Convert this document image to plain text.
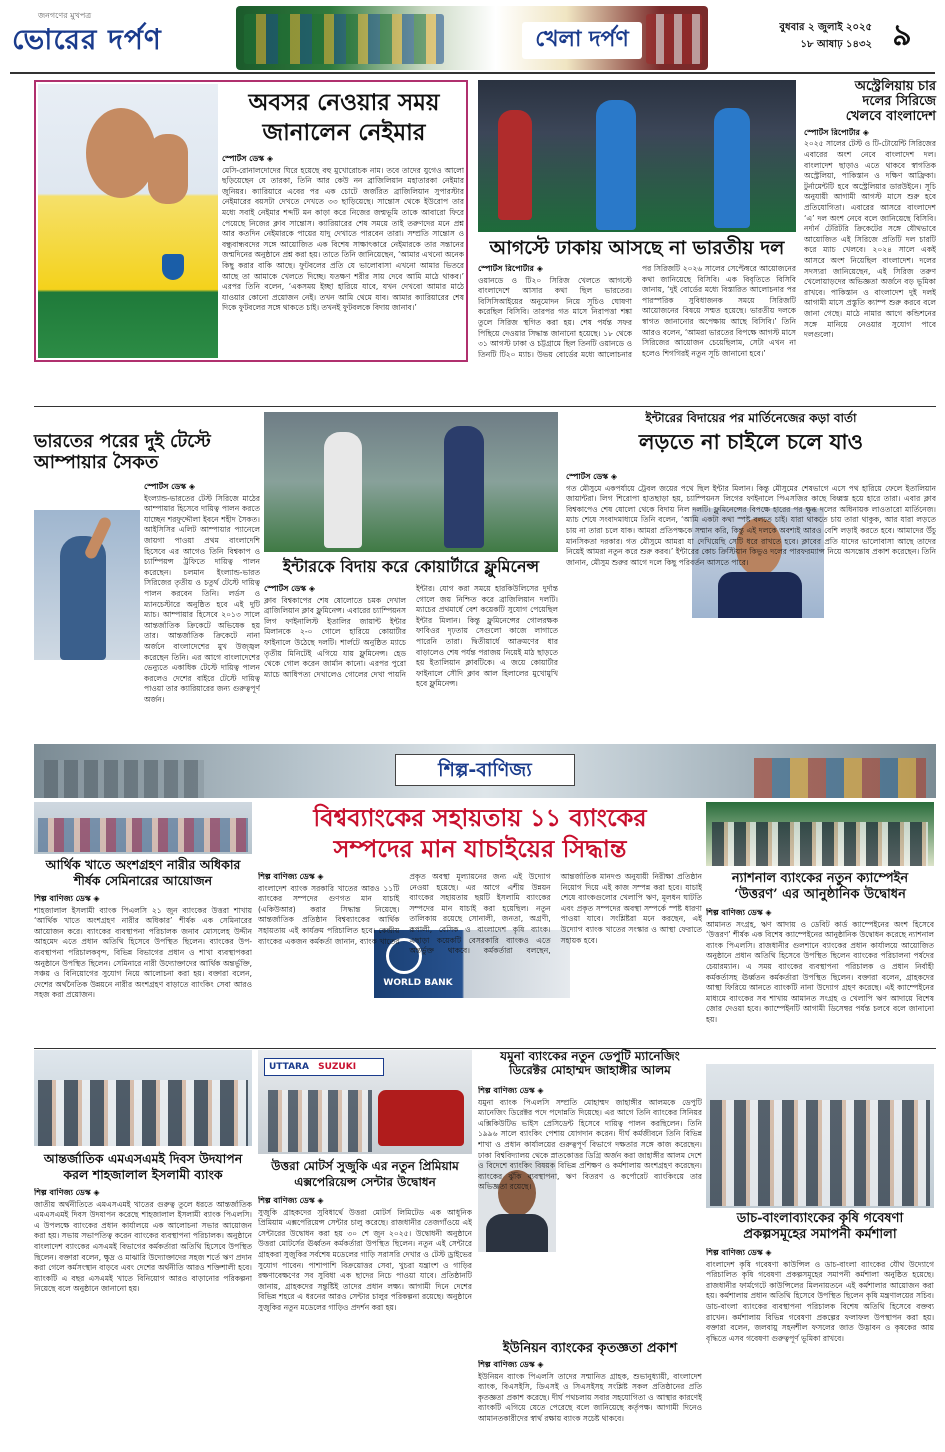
জনগণের মুখপত্র
ভোরের দর্পণ	খেলা দর্পণ	বুধবার ২ জুলাই ২০২৫
১৮ আষাঢ় ১৪৩২ ৯
অবসর নেওয়ার সময়
জানালেন নেইমার
স্পোর্টস ডেস্ক ◈
মেসি-রোনালদোদের ঘিরে হয়েছে বহু মুখোরোচক নাম। তবে তাদের যুগেও আলো ছড়িয়েছেন যে তারকা, তিনি আর কেউ নন ব্রাজিলিয়ান মহাতারকা নেইমার জুনিয়র। ক্যারিয়ারে এবের পর এক চোটে জর্জরিত ব্রাজিলিয়ান সুপারস্টার নেইমারের বয়সটা দেখতে দেখতে ৩৩ ছাড়িয়েছে। সান্তোস থেকে ইউরোপ তার মধ্যে সবাই নেইমার শব্দটি মন কাড়া করে নিজের জন্মভূমি তাকে আবারো ফিরে পেয়েছে নিজের ক্লাব সান্তোস। ক্যারিয়ারের শেষ সময়ে তাই তরুণদের মনে প্রশ্ন আর কতদিন নেইমারকে পায়ের যাদু দেখাতে পারবেন তারা। সম্প্রতি সান্তোস ও বন্ধুবান্ধবদের সঙ্গে আয়োজিত এক বিশেষ সাক্ষাৎকারে নেইমারকে তার সন্তানের জন্মদিনের অনুষ্ঠানে প্রশ্ন করা হয়। তাতে তিনি জানিয়েছেন, ‘আমার এখনো অনেক কিছু করার বাকি আছে। ফুটবলের প্রতি যে ভালোবাসা এখনো আমার ভিতরে আছে তা আমাকে খেলতে দিচ্ছে। যতক্ষণ শরীর সায় দেবে আমি মাঠে থাকব।’ এরপর তিনি বলেন, ‘একসময় ইচ্ছা হারিয়ে যাবে, যখন দেখবো আমার মাঠে যাওয়ার কোনো প্রয়োজন নেই। তখন আমি থেমে যাব। আমার ক্যারিয়ারের শেষ দিকে ফুটবলের সঙ্গে থাকতে চাই। তখনই ফুটবলকে বিদায় জানাব।’
আগস্টে ঢাকায় আসছে না ভারতীয় দল
স্পোর্টস রিপোর্টার ◈
ওয়ানডে ও টি২০ সিরিজ খেলতে আগস্টে বাংলাদেশে আসার কথা ছিল ভারতের। বিসিসিআইয়ের অনুমোদন নিয়ে সূচিও ঘোষণা করেছিল বিসিবি। তারপর গত মাসে নিরাপত্তা শঙ্কা তুলে সিরিজ স্থগিত করা হয়। শেষ পর্যন্ত সফর পিছিয়ে দেওয়ার সিদ্ধান্ত জানানো হয়েছে। ১৮ থেকে ৩১ আগস্ট ঢাকা ও চট্টগ্রামে ছিল তিনটি ওয়ানডে ও তিনটি টি২০ ম্যাচ। উভয় বোর্ডের মধ্যে আলোচনার পর সিরিজটি ২০২৬ সালের সেপ্টেম্বরে আয়োজনের কথা জানিয়েছে বিসিবি। এক বিবৃতিতে বিসিবি জানায়, ‘দুই বোর্ডের মধ্যে বিস্তারিত আলোচনার পর পারস্পরিক সুবিধাজনক সময়ে সিরিজটি আয়োজনের বিষয়ে সম্মত হয়েছে। ভারতীয় দলকে স্বাগত জানানোর অপেক্ষায় আছে বিসিবি।’ তিনি আরও বলেন, ‘আমরা ভারতের বিপক্ষে আগস্ট মাসে সিরিজের আয়োজন চেয়েছিলাম, সেটা এখন না হলেও শিগগিরই নতুন সূচি জানানো হবে।’
অস্ট্রেলিয়ায় চার
দলের সিরিজে
খেলবে বাংলাদেশ
স্পোর্টস রিপোর্টার ◈
২০২৫ সালের টেস্ট ও টি-টোয়েন্টি সিরিজের এবারের অংশ নেবে বাংলাদেশ দল। বাংলাদেশ ছাড়াও এতে থাকবে স্বাগতিক অস্ট্রেলিয়া, পাকিস্তান ও দক্ষিণ আফ্রিকা। টুর্নামেন্টটি হবে অস্ট্রেলিয়ার ডারউইনে। সূচি অনুযায়ী আগামী আগস্ট মাসে শুরু হবে প্রতিযোগিতা। এবারের আসরে বাংলাদেশ ‘এ’ দল অংশ নেবে বলে জানিয়েছে বিসিবি। নর্দার্ন টেরিটরি ক্রিকেটের সঙ্গে যৌথভাবে আয়োজিত এই সিরিজে প্রতিটি দল চারটি করে ম্যাচ খেলবে। ২০২৪ সালে একই আসরে অংশ নিয়েছিল বাংলাদেশ। দলের সদস্যরা জানিয়েছেন, এই সিরিজ তরুণ খেলোয়াড়দের অভিজ্ঞতা অর্জনে বড় ভূমিকা রাখবে। পাকিস্তান ও বাংলাদেশ দুই দলই আগামী মাসে প্রস্তুতি ক্যাম্প শুরু করবে বলে জানা গেছে। মাঠে নামার আগে কন্ডিশনের সঙ্গে মানিয়ে নেওয়ার সুযোগ পাবে দলগুলো।
ভারতের পরের দুই টেস্টে
আম্পায়ার সৈকত
স্পোর্টস ডেস্ক ◈
ইংল্যান্ড-ভারতের টেস্ট সিরিজে মাঠের আম্পায়ার হিসেবে দায়িত্ব পালন করতে যাচ্ছেন শরফুদ্দৌলা ইবনে শহীদ সৈকত। আইসিসির এলিট আম্পায়ার প্যানেলে জায়গা পাওয়া প্রথম বাংলাদেশি হিসেবে এর আগেও তিনি বিশ্বকাপ ও চ্যাম্পিয়ন্স ট্রফিতে দায়িত্ব পালন করেছেন। চলমান ইংল্যান্ড-ভারত সিরিজের তৃতীয় ও চতুর্থ টেস্টে দায়িত্ব পালন করবেন তিনি। লর্ডস ও ম্যানচেস্টারে অনুষ্ঠিত হবে এই দুটি ম্যাচ। আম্পায়ার হিসেবে ২০১৩ সালে আন্তর্জাতিক ক্রিকেটে অভিষেক হয় তার। আন্তর্জাতিক ক্রিকেটে নানা অর্জনে বাংলাদেশের মুখ উজ্জ্বল করেছেন তিনি। এর আগে বাংলাদেশের ভেন্যুতে একাধিক টেস্টে দায়িত্ব পালন করলেও দেশের বাইরে টেস্টে দায়িত্ব পাওয়া তার ক্যারিয়ারের জন্য গুরুত্বপূর্ণ অর্জন।
ইন্টারকে বিদায় করে কোয়ার্টারে ফ্লুমিনেন্স
স্পোর্টস ডেস্ক ◈
ক্লাব বিশ্বকাপের শেষ ষোলোতে চমক দেখাল ব্রাজিলিয়ান ক্লাব ফ্লুমিনেন্স। এবারের চ্যাম্পিয়নস লিগ ফাইনালিস্ট ইতালির জায়ান্ট ইন্টার মিলানকে ২-০ গোলে হারিয়ে কোয়ার্টার ফাইনালে উঠেছে দলটি। শার্লটে অনুষ্ঠিত ম্যাচে তৃতীয় মিনিটেই এগিয়ে যায় ফ্লুমিনেন্স। হেড থেকে গোল করেন জার্মান কানো। এরপর পুরো ম্যাচে আধিপত্য দেখালেও গোলের দেখা পায়নি ইন্টার। যোগ করা সময়ে হারকিউলিসের দুর্দান্ত গোলে জয় নিশ্চিত করে ব্রাজিলিয়ান দলটি। ম্যাচের প্রথমার্ধে বেশ কয়েকটি সুযোগ পেয়েছিল ইন্টার মিলান। কিন্তু ফ্লুমিনেন্সের গোলরক্ষক ফাবিওর দৃঢ়তায় সেগুলো কাজে লাগাতে পারেনি তারা। দ্বিতীয়ার্ধে আক্রমণের ধার বাড়ালেও শেষ পর্যন্ত পরাজয় নিয়েই মাঠ ছাড়তে হয় ইতালিয়ান ক্লাবটিকে। এ জয়ে কোয়ার্টার ফাইনালে সৌদি ক্লাব আল হিলালের মুখোমুখি হবে ফ্লুমিনেন্স।
ইন্টারের বিদায়ের পর মার্তিনেজের কড়া বার্তা
লড়তে না চাইলে চলে যাও
স্পোর্টস ডেস্ক ◈
গত মৌসুমে একপর্যায়ে ট্রেবল জয়ের পথে ছিল ইন্টার মিলান। কিন্তু মৌসুমের শেষভাগে এসে পথ হারিয়ে ফেলে ইতালিয়ান জায়ান্টরা। লিগ শিরোপা হাতছাড়া হয়, চ্যাম্পিয়নস লিগের ফাইনালে পিএসজির কাছে বিধ্বস্ত হয়ে হারে তারা। এবার ক্লাব বিশ্বকাপেও শেষ ষোলো থেকে বিদায় নিল দলটি। ফ্লুমিনেন্সের বিপক্ষে হারের পর ক্ষুব্ধ দলের অধিনায়ক লাওতারো মার্তিনেজ। ম্যাচ শেষে সংবাদমাধ্যমে তিনি বলেন, ‘আমি একটা কথা স্পষ্ট বলতে চাই। যারা থাকতে চায় তারা থাকুক, আর যারা লড়তে চায় না তারা চলে যাক। আমরা প্রতিপক্ষকে সম্মান করি, কিন্তু এই দলকে অবশ্যই আরও বেশি লড়াই করতে হবে। আমাদের উঁচু মানসিকতা দরকার। গত মৌসুমে আমরা যা দেখিয়েছি সেটি ধরে রাখতে হবে। ক্লাবের প্রতি যাদের ভালোবাসা আছে তাদের নিয়েই আমরা নতুন করে শুরু করব।’ ইন্টারের কোচ ক্রিস্টিয়ান কিভুও দলের পারফরম্যান্স নিয়ে অসন্তোষ প্রকাশ করেছেন। তিনি জানান, মৌসুম শুরুর আগে দলে কিছু পরিবর্তন আসতে পারে।
শিল্প-বাণিজ্য
বিশ্বব্যাংকের সহায়তায় ১১ ব্যাংকের
সম্পদের মান যাচাইয়ের সিদ্ধান্ত
WORLD BANK
শিল্প বাণিজ্য ডেস্ক ◈
বাংলাদেশ ব্যাংক সরকারি খাতের আরও ১১টি ব্যাংকের সম্পদের গুণগত মান যাচাই (একিউআর) করার সিদ্ধান্ত নিয়েছে। আন্তর্জাতিক প্রতিষ্ঠান বিশ্বব্যাংকের আর্থিক সহায়তায় এই কার্যক্রম পরিচালিত হবে। কেন্দ্রীয় ব্যাংকের একজন কর্মকর্তা জানান, ব্যাংক খাতের প্রকৃত অবস্থা মূল্যায়নের জন্য এই উদ্যোগ নেওয়া হয়েছে। এর আগে এশীয় উন্নয়ন ব্যাংকের সহায়তায় ছয়টি ইসলামি ব্যাংকের সম্পদের মান যাচাই করা হয়েছিল। নতুন তালিকায় রয়েছে সোনালী, জনতা, অগ্রণী, রূপালী, বেসিক ও বাংলাদেশ কৃষি ব্যাংক। এছাড়া কয়েকটি বেসরকারি ব্যাংকও এতে অন্তর্ভুক্ত থাকবে। কর্মকর্তারা বলছেন, আন্তর্জাতিক মানদণ্ড অনুযায়ী নিরীক্ষা প্রতিষ্ঠান নিয়োগ দিয়ে এই কাজ সম্পন্ন করা হবে। যাচাই শেষে ব্যাংকগুলোর খেলাপি ঋণ, মূলধন ঘাটতি এবং প্রকৃত সম্পদের অবস্থা সম্পর্কে স্পষ্ট ধারণা পাওয়া যাবে। সংশ্লিষ্টরা মনে করছেন, এই উদ্যোগ ব্যাংক খাতের সংস্কার ও আস্থা ফেরাতে সহায়ক হবে।
আর্থিক খাতে অংশগ্রহণ নারীর অধিকার
শীর্ষক সেমিনারের আয়োজন
শিল্প বাণিজ্য ডেস্ক ◈
শাহজালাল ইসলামী ব্যাংক পিএলসি ২১ জুন ব্যাংকের উত্তরা শাখায় ‘আর্থিক খাতে অংশগ্রহণ নারীর অধিকার’ শীর্ষক এক সেমিনারের আয়োজন করে। ব্যাংকের ব্যবস্থাপনা পরিচালক জনাব মোসলেহ উদ্দীন আহমেদ এতে প্রধান অতিথি হিসেবে উপস্থিত ছিলেন। ব্যাংকের উপ-ব্যবস্থাপনা পরিচালকবৃন্দ, বিভিন্ন বিভাগের প্রধান ও শাখা ব্যবস্থাপকরা অনুষ্ঠানে উপস্থিত ছিলেন। সেমিনারে নারী উদ্যোক্তাদের আর্থিক অন্তর্ভুক্তি, সঞ্চয় ও বিনিয়োগের সুযোগ নিয়ে আলোচনা করা হয়। বক্তারা বলেন, দেশের অর্থনৈতিক উন্নয়নে নারীর অংশগ্রহণ বাড়াতে ব্যাংকিং সেবা আরও সহজ করা প্রয়োজন।
ন্যাশনাল ব্যাংকের নতুন ক্যাম্পেইন
‘উত্তরণ’ এর আনুষ্ঠানিক উদ্বোধন
শিল্প বাণিজ্য ডেস্ক ◈
আমানত সংগ্রহ, ঋণ আদায় ও ডেবিট কার্ড ক্যাম্পেইনের অংশ হিসেবে ‘উত্তরণ’ শীর্ষক এক বিশেষ ক্যাম্পেইনের আনুষ্ঠানিক উদ্বোধন করেছে ন্যাশনাল ব্যাংক পিএলসি। রাজধানীর গুলশানে ব্যাংকের প্রধান কার্যালয়ে আয়োজিত অনুষ্ঠানে প্রধান অতিথি হিসেবে উপস্থিত ছিলেন ব্যাংকের পরিচালনা পর্ষদের চেয়ারম্যান। এ সময় ব্যাংকের ব্যবস্থাপনা পরিচালক ও প্রধান নির্বাহী কর্মকর্তাসহ ঊর্ধ্বতন কর্মকর্তারা উপস্থিত ছিলেন। বক্তারা বলেন, গ্রাহকদের আস্থা ফিরিয়ে আনতে ব্যাংকটি নানা উদ্যোগ গ্রহণ করেছে। এই ক্যাম্পেইনের মাধ্যমে ব্যাংকের সব শাখায় আমানত সংগ্রহ ও খেলাপি ঋণ আদায়ে বিশেষ জোর দেওয়া হবে। ক্যাম্পেইনটি আগামী ডিসেম্বর পর্যন্ত চলবে বলে জানানো হয়।
আন্তর্জাতিক এমএসএমই দিবস উদযাপন
করল শাহজালাল ইসলামী ব্যাংক
শিল্প বাণিজ্য ডেস্ক ◈
জাতীয় অর্থনীতিতে এমএসএমই খাতের গুরুত্ব তুলে ধরতে আন্তর্জাতিক এমএসএমই দিবস উদযাপন করেছে শাহজালাল ইসলামী ব্যাংক পিএলসি। এ উপলক্ষে ব্যাংকের প্রধান কার্যালয়ে এক আলোচনা সভার আয়োজন করা হয়। সভায় সভাপতিত্ব করেন ব্যাংকের ব্যবস্থাপনা পরিচালক। অনুষ্ঠানে বাংলাদেশ ব্যাংকের এসএমই বিভাগের কর্মকর্তারা অতিথি হিসেবে উপস্থিত ছিলেন। বক্তারা বলেন, ক্ষুদ্র ও মাঝারি উদ্যোক্তাদের সহজ শর্তে ঋণ প্রদান করা গেলে কর্মসংস্থান বাড়বে এবং দেশের অর্থনীতি আরও শক্তিশালী হবে। ব্যাংকটি এ বছর এসএমই খাতে বিনিয়োগ আরও বাড়ানোর পরিকল্পনা নিয়েছে বলে অনুষ্ঠানে জানানো হয়।
UTTARA SUZUKI
উত্তরা মোটর্স সুজুকি এর নতুন প্রিমিয়াম
এক্সপেরিয়েন্স সেন্টার উদ্বোধন
শিল্প বাণিজ্য ডেস্ক ◈
সুজুকি গ্রাহকদের সুবিধার্থে উত্তরা মোটর্স লিমিটেড এক আধুনিক প্রিমিয়াম এক্সপেরিয়েন্স সেন্টার চালু করেছে। রাজধানীর তেজগাঁওয়ে এই সেন্টারের উদ্বোধন করা হয় ৩০ শে জুন ২০২৫। উদ্বোধনী অনুষ্ঠানে উত্তরা মোটর্সের ঊর্ধ্বতন কর্মকর্তারা উপস্থিত ছিলেন। নতুন এই সেন্টারে গ্রাহকরা সুজুকির সর্বশেষ মডেলের গাড়ি সরাসরি দেখার ও টেস্ট ড্রাইভের সুযোগ পাবেন। পাশাপাশি বিক্রয়োত্তর সেবা, খুচরা যন্ত্রাংশ ও গাড়ির রক্ষণাবেক্ষণের সব সুবিধা এক ছাদের নিচে পাওয়া যাবে। প্রতিষ্ঠানটি জানায়, গ্রাহকদের সন্তুষ্টিই তাদের প্রধান লক্ষ্য। আগামী দিনে দেশের বিভিন্ন শহরে এ ধরনের আরও সেন্টার চালুর পরিকল্পনা রয়েছে। অনুষ্ঠানে সুজুকির নতুন মডেলের গাড়িও প্রদর্শন করা হয়।
যমুনা ব্যাংকের নতুন ডেপুটি ম্যানেজিং
ডিরেক্টর মোহাম্মদ জাহাঙ্গীর আলম
শিল্প বাণিজ্য ডেস্ক ◈
যমুনা ব্যাংক পিএলসি সম্প্রতি মোহাম্মদ জাহাঙ্গীর আলমকে ডেপুটি ম্যানেজিং ডিরেক্টর পদে পদোন্নতি দিয়েছে। এর আগে তিনি ব্যাংকের সিনিয়র এক্সিকিউটিভ ভাইস প্রেসিডেন্ট হিসেবে দায়িত্ব পালন করছিলেন। তিনি ১৯৯৬ সালে ব্যাংকিং পেশায় যোগদান করেন। দীর্ঘ কর্মজীবনে তিনি বিভিন্ন শাখা ও প্রধান কার্যালয়ের গুরুত্বপূর্ণ বিভাগে দক্ষতার সঙ্গে কাজ করেছেন। ঢাকা বিশ্ববিদ্যালয় থেকে স্নাতকোত্তর ডিগ্রি অর্জন করা জাহাঙ্গীর আলম দেশে ও বিদেশে ব্যাংকিং বিষয়ক বিভিন্ন প্রশিক্ষণ ও কর্মশালায় অংশগ্রহণ করেছেন। ব্যাংকের ঝুঁকি ব্যবস্থাপনা, ঋণ বিতরণ ও কর্পোরেট ব্যাংকিংয়ে তার অভিজ্ঞতা রয়েছে।
ইউনিয়ন ব্যাংকের কৃতজ্ঞতা প্রকাশ
শিল্প বাণিজ্য ডেস্ক ◈
ইউনিয়ন ব্যাংক পিএলসি তাদের সম্মানিত গ্রাহক, শুভানুধ্যায়ী, বাংলাদেশ ব্যাংক, বিএসইসি, ডিএসই ও সিএসইসহ সংশ্লিষ্ট সকল প্রতিষ্ঠানের প্রতি কৃতজ্ঞতা প্রকাশ করেছে। দীর্ঘ পথচলায় সবার সহযোগিতা ও আস্থার কারণেই ব্যাংকটি এগিয়ে যেতে পেরেছে বলে জানিয়েছে কর্তৃপক্ষ। আগামী দিনেও আমানতকারীদের স্বার্থ রক্ষায় ব্যাংক সচেষ্ট থাকবে।
ডাচ-বাংলাব্যাংকের কৃষি গবেষণা
প্রকল্পসমূহের সমাপনী কর্মশালা
শিল্প বাণিজ্য ডেস্ক ◈
বাংলাদেশ কৃষি গবেষণা কাউন্সিল ও ডাচ-বাংলা ব্যাংকের যৌথ উদ্যোগে পরিচালিত কৃষি গবেষণা প্রকল্পসমূহের সমাপনী কর্মশালা অনুষ্ঠিত হয়েছে। রাজধানীর ফার্মগেটে কাউন্সিলের মিলনায়তনে এই কর্মশালার আয়োজন করা হয়। কর্মশালায় প্রধান অতিথি হিসেবে উপস্থিত ছিলেন কৃষি মন্ত্রণালয়ের সচিব। ডাচ-বাংলা ব্যাংকের ব্যবস্থাপনা পরিচালক বিশেষ অতিথি হিসেবে বক্তব্য রাখেন। কর্মশালায় বিভিন্ন গবেষণা প্রকল্পের ফলাফল উপস্থাপন করা হয়। বক্তারা বলেন, জলবায়ু সহনশীল ফসলের জাত উদ্ভাবন ও কৃষকের আয় বৃদ্ধিতে এসব গবেষণা গুরুত্বপূর্ণ ভূমিকা রাখবে।
